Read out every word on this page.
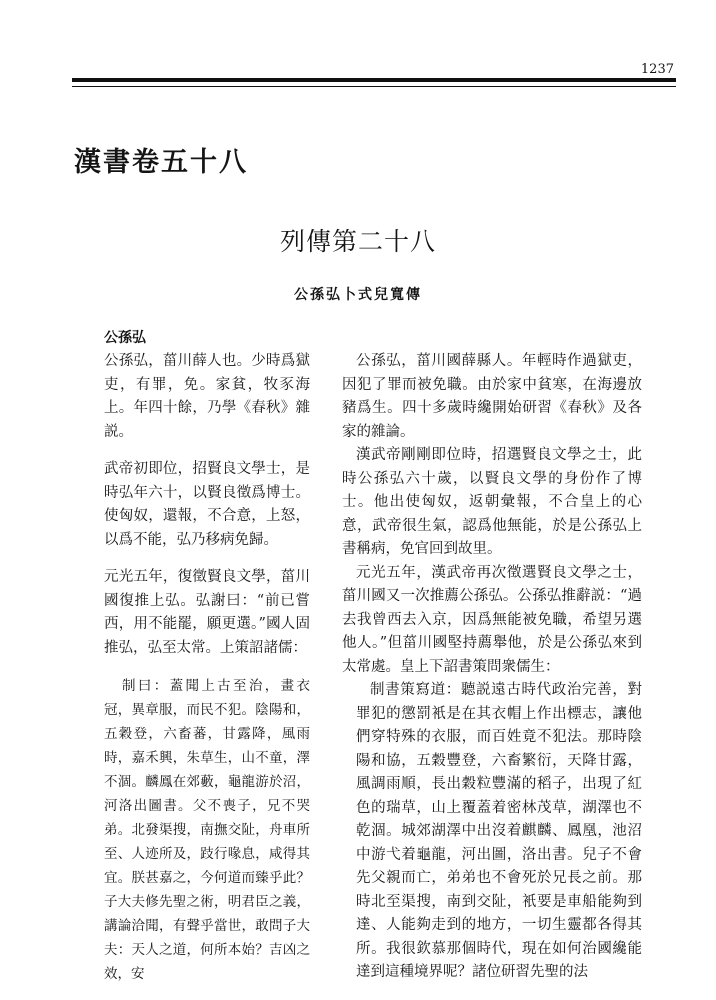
1237
漢書卷五十八
列傳第二十八
公孫弘卜式兒寬傳
公孫弘

公孫弘，菑川薛人也。少時爲獄吏，有罪，免。家貧，牧豕海上。年四十餘，乃學《春秋》雜説。

武帝初即位，招賢良文學士，是時弘年六十，以賢良徵爲博士。使匈奴，還報，不合意，上怒，以爲不能，弘乃移病免歸。

元光五年，復徵賢良文學，菑川國復推上弘。弘謝曰：“前已嘗西，用不能罷，願更選。”國人固推弘，弘至太常。上策詔諸儒：

制曰：蓋聞上古至治，畫衣冠，異章服，而民不犯。陰陽和，五穀登，六畜蕃，甘露降，風雨時，嘉禾興，朱草生，山不童，澤不涸。麟鳳在郊藪，龜龍游於沼，河洛出圖書。父不喪子，兄不哭弟。北發渠搜，南撫交阯，舟車所至、人迹所及，跂行喙息，咸得其宜。朕甚嘉之，今何道而臻乎此？子大夫修先聖之術，明君臣之義，講論洽聞，有聲乎當世，敢問子大夫：天人之道，何所本始？吉凶之效，安

公孫弘，菑川國薛縣人。年輕時作過獄吏，因犯了罪而被免職。由於家中貧寒，在海邊放豬爲生。四十多歲時纔開始研習《春秋》及各家的雜論。

漢武帝剛剛即位時，招選賢良文學之士，此時公孫弘六十歲，以賢良文學的身份作了博士。他出使匈奴，返朝彙報，不合皇上的心意，武帝很生氣，認爲他無能，於是公孫弘上書稱病，免官回到故里。

元光五年，漢武帝再次徵選賢良文學之士，菑川國又一次推薦公孫弘。公孫弘推辭説：“過去我曾西去入京，因爲無能被免職，希望另選他人。”但菑川國堅持薦舉他，於是公孫弘來到太常處。皇上下詔書策問衆儒生：

制書策寫道：聽説遠古時代政治完善，對罪犯的懲罰衹是在其衣帽上作出標志，讓他們穿特殊的衣服，而百姓竟不犯法。那時陰陽和協，五穀豐登，六畜繁衍，天降甘露，風調雨順，長出穀粒豐滿的稻子，出現了紅色的瑞草，山上覆蓋着密林茂草，湖澤也不乾涸。城郊湖澤中出沒着麒麟、鳳凰，池沼中游弋着龜龍，河出圖，洛出書。兒子不會先父親而亡，弟弟也不會死於兄長之前。那時北至渠搜，南到交阯，衹要是車船能夠到達、人能夠走到的地方，一切生靈都各得其所。我很欽慕那個時代，現在如何治國纔能達到這種境界呢？諸位研習先聖的法
